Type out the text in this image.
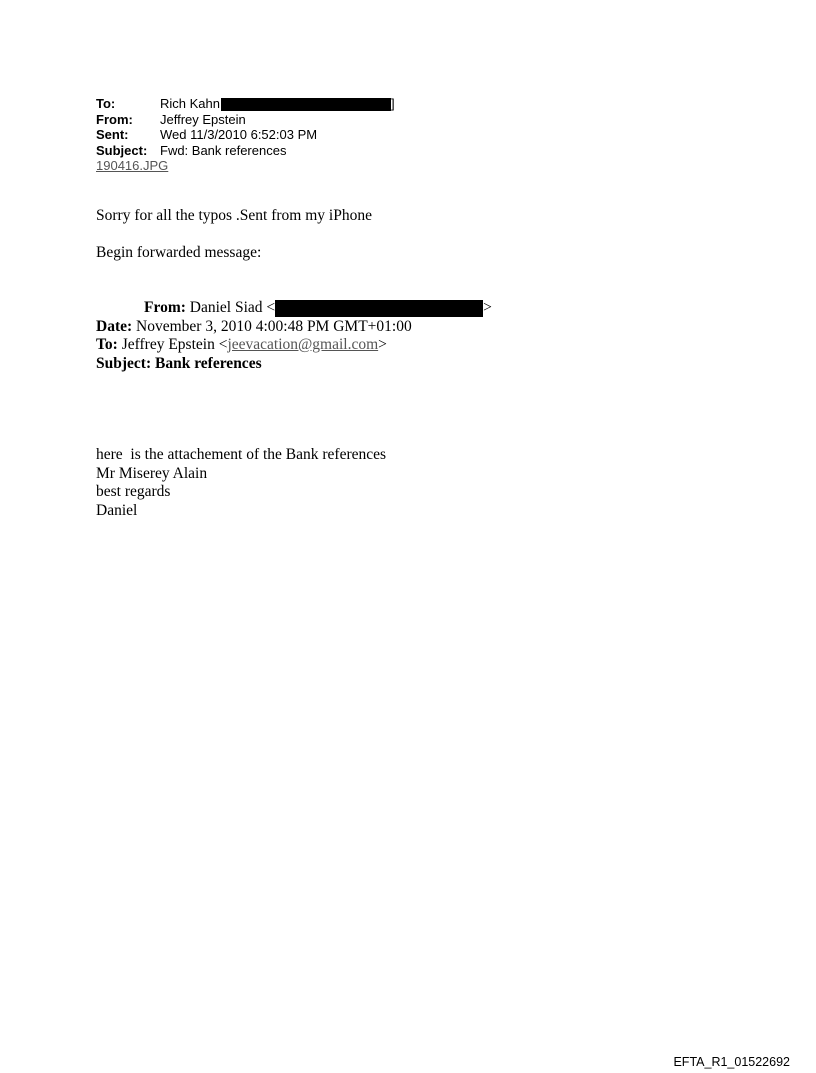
To:	Rich Kahn	]
From:	Jeffrey Epstein
Sent:	Wed 11/3/2010 6:52:03 PM
Subject: Fwd: Bank references
190416.JPG
Sorry for all the typos .Sent from my iPhone
Begin forwarded message:
From: Daniel Siad <	>
Date: November 3, 2010 4:00:48 PM GMT+01:00
To: Jeffrey Epstein <jeevacation@gmail.com>
Subject: Bank references
here  is the attachement of the Bank references
Mr Miserey Alain
best regards
Daniel
EFTA_R1_01522692
